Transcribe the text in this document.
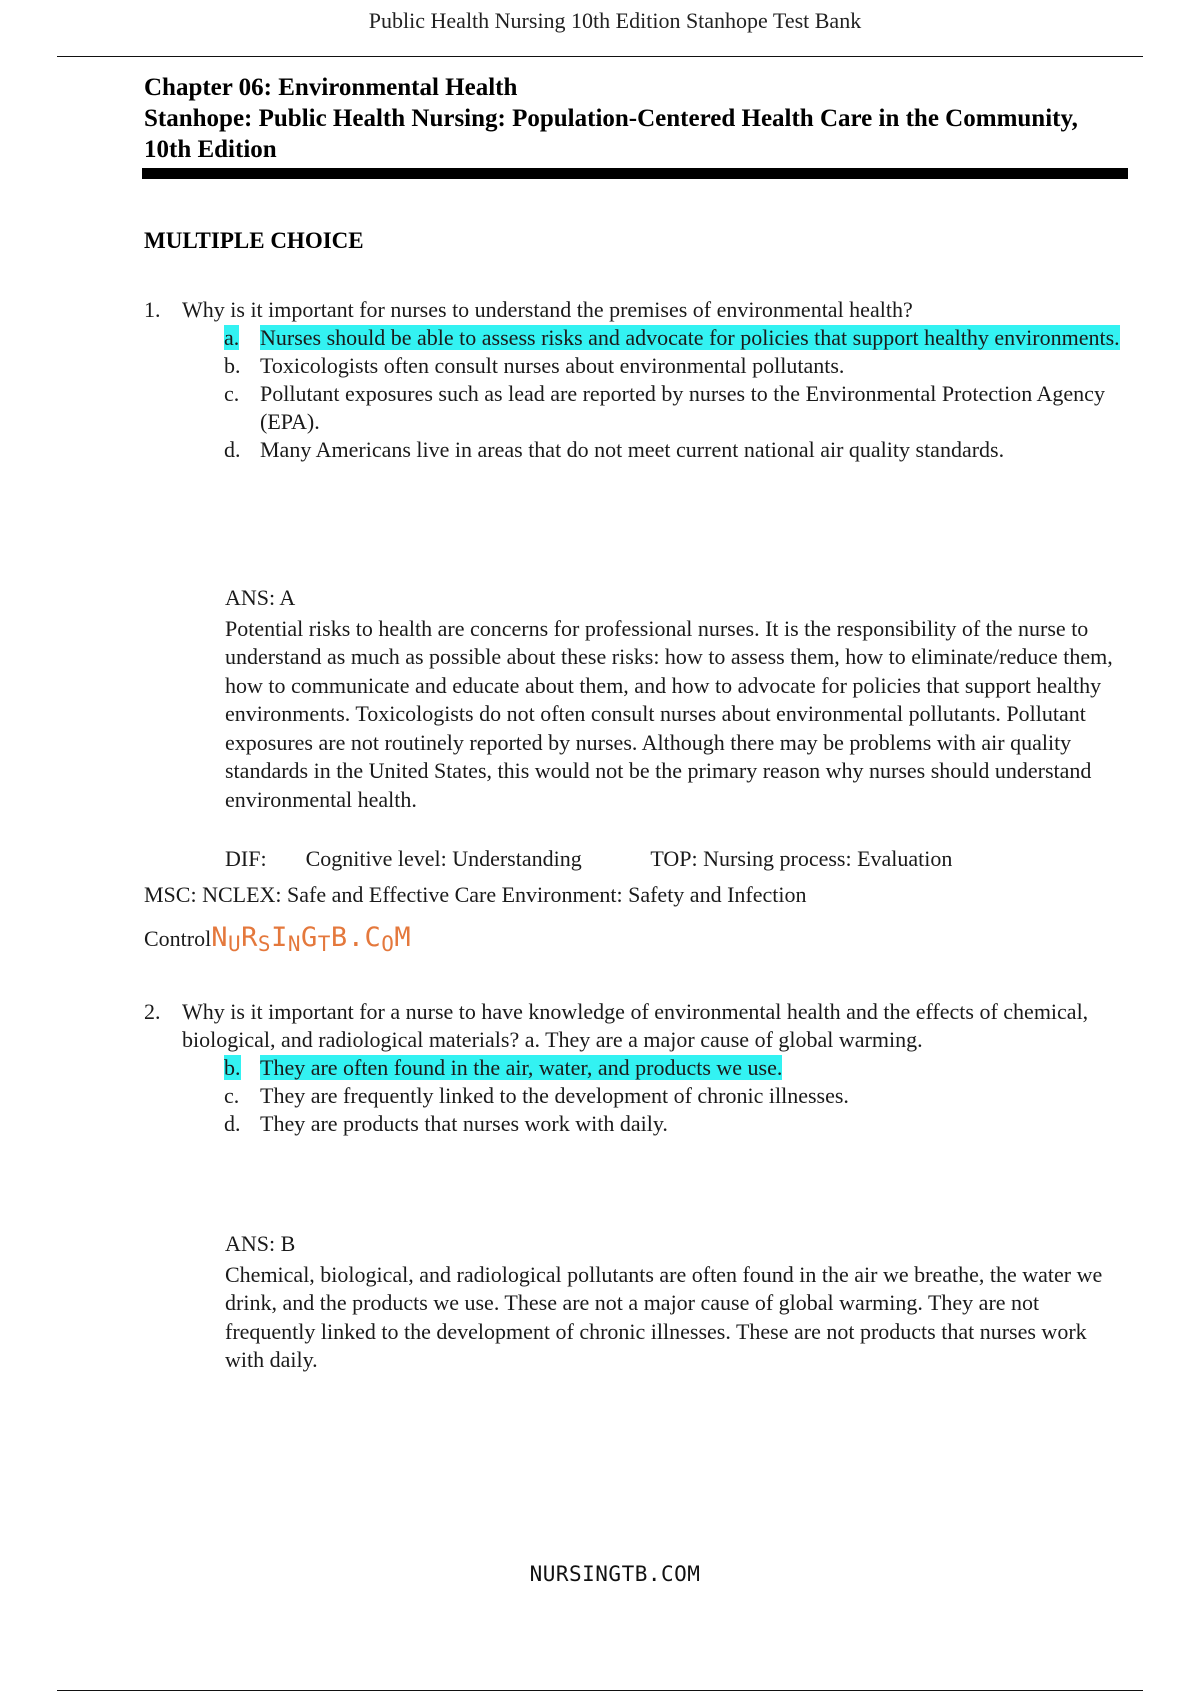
Public Health Nursing 10th Edition Stanhope Test Bank
Chapter 06: Environmental Health
Stanhope: Public Health Nursing: Population-Centered Health Care in the Community,
10th Edition
MULTIPLE CHOICE
1. Why is it important for nurses to understand the premises of environmental health?
a. Nurses should be able to assess risks and advocate for policies that support healthy environments.
b. Toxicologists often consult nurses about environmental pollutants.
c. Pollutant exposures such as lead are reported by nurses to the Environmental Protection Agency (EPA).
d. Many Americans live in areas that do not meet current national air quality standards.
ANS: A
Potential risks to health are concerns for professional nurses. It is the responsibility of the nurse to understand as much as possible about these risks: how to assess them, how to eliminate/reduce them, how to communicate and educate about them, and how to advocate for policies that support healthy environments. Toxicologists do not often consult nurses about environmental pollutants. Pollutant exposures are not routinely reported by nurses. Although there may be problems with air quality standards in the United States, this would not be the primary reason why nurses should understand environmental health.
DIF: Cognitive level: Understanding	TOP: Nursing process: Evaluation
MSC: NCLEX: Safe and Effective Care Environment: Safety and Infection
ControlNURSINGTB.COM
2. Why is it important for a nurse to have knowledge of environmental health and the effects of chemical, biological, and radiological materials? a. They are a major cause of global warming.
b. They are often found in the air, water, and products we use.
c. They are frequently linked to the development of chronic illnesses.
d. They are products that nurses work with daily.
ANS: B
Chemical, biological, and radiological pollutants are often found in the air we breathe, the water we drink, and the products we use. These are not a major cause of global warming. They are not frequently linked to the development of chronic illnesses. These are not products that nurses work with daily.
NURSINGTB.COM
